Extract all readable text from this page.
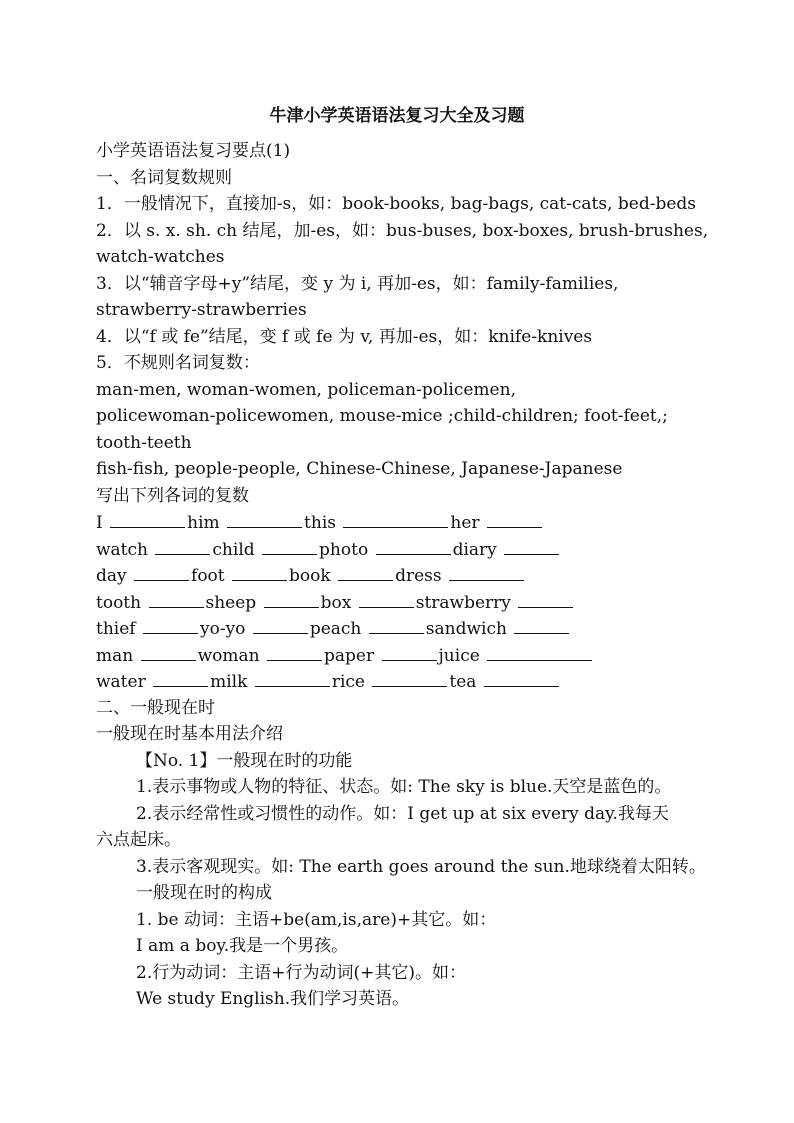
牛津小学英语语法复习大全及习题
小学英语语法复习要点(1)
一、名词复数规则
1．一般情况下，直接加-s，如：book-books, bag-bags, cat-cats, bed-beds
2．以 s. x. sh. ch 结尾，加-es，如：bus-buses, box-boxes, brush-brushes,
watch-watches
3．以“辅音字母+y”结尾，变 y 为 i, 再加-es，如：family-families,
strawberry-strawberries
4．以“f 或 fe”结尾，变 f 或 fe 为 v, 再加-es，如：knife-knives
5．不规则名词复数：
man-men, woman-women, policeman-policemen,
policewoman-policewomen, mouse-mice ;child-children; foot-feet,;
tooth-teeth
fish-fish, people-people, Chinese-Chinese, Japanese-Japanese
写出下列各词的复数
I	him	this	her
watch	child	photo	diary
day	foot	book	dress
tooth	sheep	box	strawberry
thief	yo-yo	peach	sandwich
man	woman	paper	juice
water	milk	rice	tea
二、一般现在时
一般现在时基本用法介绍
【No. 1】一般现在时的功能
1.表示事物或人物的特征、状态。如: The sky is blue.天空是蓝色的。
2.表示经常性或习惯性的动作。如：I get up at six every day.我每天
六点起床。
3.表示客观现实。如: The earth goes around the sun.地球绕着太阳转。
一般现在时的构成
1. be 动词：主语+be(am,is,are)+其它。如：
I am a boy.我是一个男孩。
2.行为动词：主语+行为动词(+其它)。如：
We study English.我们学习英语。
